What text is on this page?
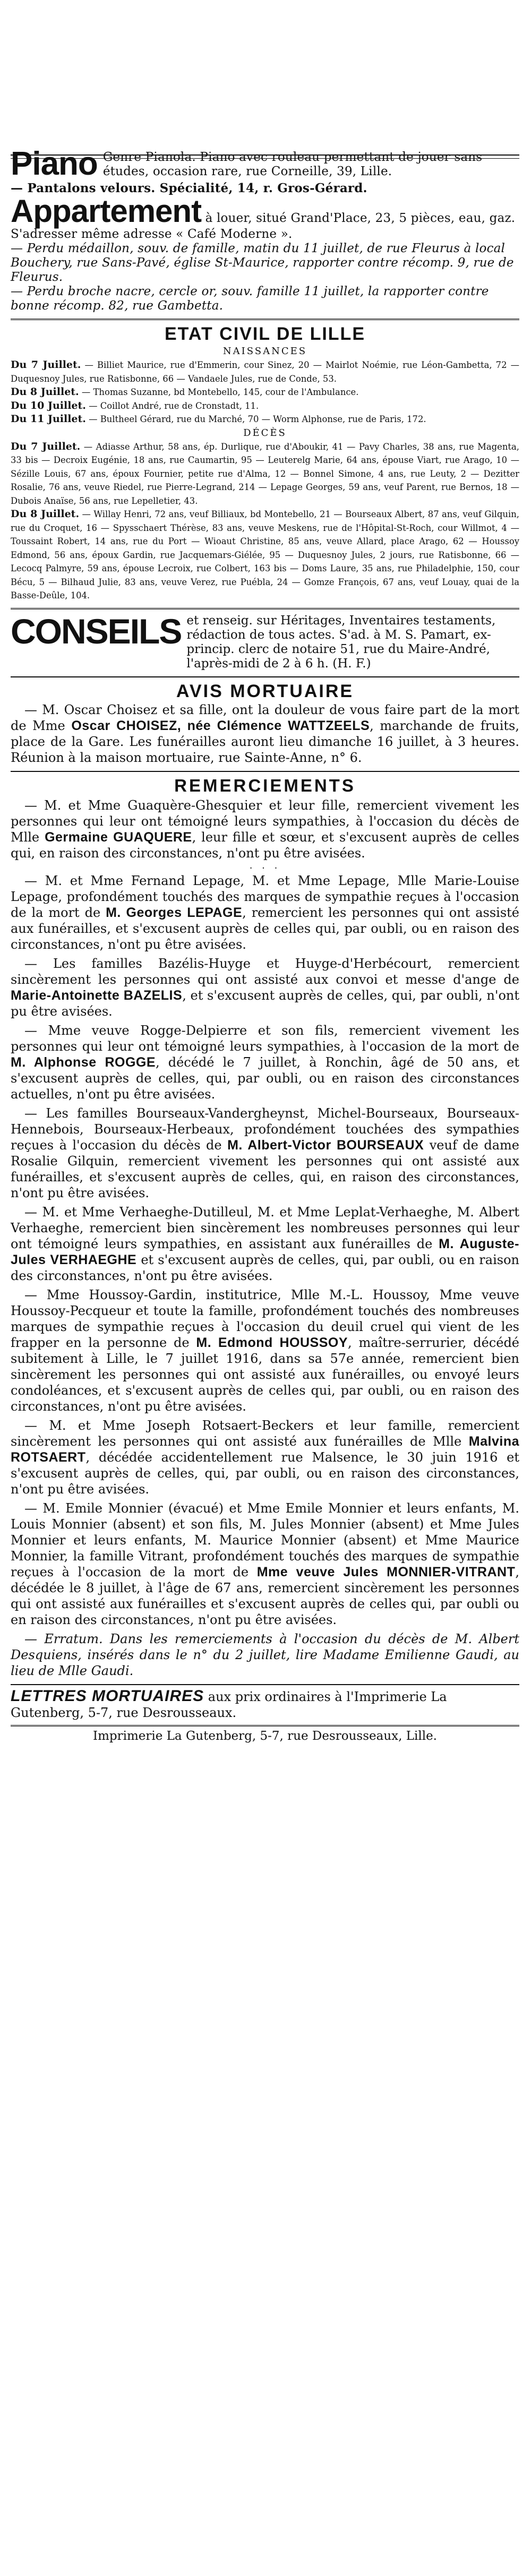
Piano Genre Pianola. Piano avec rouleau permettant de jouer sans études, occasion rare, rue Corneille, 39, Lille.
— Pantalons velours. Spécialité, 14, r. Gros-Gérard.
Appartement à louer, situé Grand'Place, 23, 5 pièces, eau, gaz. S'adresser même adresse « Café Moderne ».
— Perdu médaillon, souv. de famille, matin du 11 juillet, de rue Fleurus à local Bouchery, rue Sans-Pavé, église St-Maurice, rapporter contre récomp. 9, rue de Fleurus.
— Perdu broche nacre, cercle or, souv. famille 11 juillet, la rapporter contre bonne récomp. 82, rue Gambetta.
ETAT CIVIL DE LILLE
NAISSANCES
Du 7 Juillet. — Billiet Maurice, rue d'Emmerin, cour Sinez, 20 — Mairlot Noémie, rue Léon-Gambetta, 72 — Duquesnoy Jules, rue Ratisbonne, 66 — Vandaele Jules, rue de Conde, 53.
Du 8 Juillet. — Thomas Suzanne, bd Montebello, 145, cour de l'Ambulance.
Du 10 Juillet. — Coillot André, rue de Cronstadt, 11.
Du 11 Juillet. — Bultheel Gérard, rue du Marché, 70 — Worm Alphonse, rue de Paris, 172.
DÉCÈS
Du 7 Juillet. — Adiasse Arthur, 58 ans, ép. Durlique, rue d'Aboukir, 41 — Pavy Charles, 38 ans, rue Magenta, 33 bis — Decroix Eugénie, 18 ans, rue Caumartin, 95 — Leuterelg Marie, 64 ans, épouse Viart, rue Arago, 10 — Sézille Louis, 67 ans, époux Fournier, petite rue d'Alma, 12 — Bonnel Simone, 4 ans, rue Leuty, 2 — Dezitter Rosalie, 76 ans, veuve Riedel, rue Pierre-Legrand, 214 — Lepage Georges, 59 ans, veuf Parent, rue Bernos, 18 — Dubois Anaïse, 56 ans, rue Lepelletier, 43.
Du 8 Juillet. — Willay Henri, 72 ans, veuf Billiaux, bd Montebello, 21 — Bourseaux Albert, 87 ans, veuf Gilquin, rue du Croquet, 16 — Spysschaert Thérèse, 83 ans, veuve Meskens, rue de l'Hôpital-St-Roch, cour Willmot, 4 — Toussaint Robert, 14 ans, rue du Port — Wioaut Christine, 85 ans, veuve Allard, place Arago, 62 — Houssoy Edmond, 56 ans, époux Gardin, rue Jacquemars-Giélée, 95 — Duquesnoy Jules, 2 jours, rue Ratisbonne, 66 — Lecocq Palmyre, 59 ans, épouse Lecroix, rue Colbert, 163 bis — Doms Laure, 35 ans, rue Philadelphie, 150, cour Bécu, 5 — Bilhaud Julie, 83 ans, veuve Verez, rue Puébla, 24 — Gomze François, 67 ans, veuf Louay, quai de la Basse-Deûle, 104.
CONSEILS et renseig. sur Héritages, Inventaires testaments, rédaction de tous actes. S'ad. à M. S. Pamart, ex-princip. clerc de notaire 51, rue du Maire-André, l'après-midi de 2 à 6 h. (H. F.)
AVIS MORTUAIRE

— M. Oscar Choisez et sa fille, ont la douleur de vous faire part de la mort de Mme Oscar CHOISEZ, née Clémence WATTZEELS, marchande de fruits, place de la Gare. Les funérailles auront lieu dimanche 16 juillet, à 3 heures. Réunion à la maison mortuaire, rue Sainte-Anne, n° 6.

REMERCIEMENTS

— M. et Mme Guaquère-Ghesquier et leur fille, remercient vivement les personnes qui leur ont témoigné leurs sympathies, à l'occasion du décès de Mlle Germaine GUAQUERE, leur fille et sœur, et s'excusent auprès de celles qui, en raison des circonstances, n'ont pu être avisées.

· · ·

— M. et Mme Fernand Lepage, M. et Mme Lepage, Mlle Marie-Louise Lepage, profondément touchés des marques de sympathie reçues à l'occasion de la mort de M. Georges LEPAGE, remercient les personnes qui ont assisté aux funérailles, et s'excusent auprès de celles qui, par oubli, ou en raison des circonstances, n'ont pu être avisées.

— Les familles Bazélis-Huyge et Huyge-d'Herbécourt, remercient sincèrement les personnes qui ont assisté aux convoi et messe d'ange de Marie-Antoinette BAZELIS, et s'excusent auprès de celles, qui, par oubli, n'ont pu être avisées.

— Mme veuve Rogge-Delpierre et son fils, remercient vivement les personnes qui leur ont témoigné leurs sympathies, à l'occasion de la mort de M. Alphonse ROGGE, décédé le 7 juillet, à Ronchin, âgé de 50 ans, et s'excusent auprès de celles, qui, par oubli, ou en raison des circonstances actuelles, n'ont pu être avisées.

— Les familles Bourseaux-Vandergheynst, Michel-Bourseaux, Bourseaux-Hennebois, Bourseaux-Herbeaux, profondément touchées des sympathies reçues à l'occasion du décès de M. Albert-Victor BOURSEAUX veuf de dame Rosalie Gilquin, remercient vivement les personnes qui ont assisté aux funérailles, et s'excusent auprès de celles, qui, en raison des circonstances, n'ont pu être avisées.

— M. et Mme Verhaeghe-Dutilleul, M. et Mme Leplat-Verhaeghe, M. Albert Verhaeghe, remercient bien sincèrement les nombreuses personnes qui leur ont témoigné leurs sympathies, en assistant aux funérailles de M. Auguste-Jules VERHAEGHE et s'excusent auprès de celles, qui, par oubli, ou en raison des circonstances, n'ont pu être avisées.

— Mme Houssoy-Gardin, institutrice, Mlle M.-L. Houssoy, Mme veuve Houssoy-Pecqueur et toute la famille, profondément touchés des nombreuses marques de sympathie reçues à l'occasion du deuil cruel qui vient de les frapper en la personne de M. Edmond HOUSSOY, maître-serrurier, décédé subitement à Lille, le 7 juillet 1916, dans sa 57e année, remercient bien sincèrement les personnes qui ont assisté aux funérailles, ou envoyé leurs condoléances, et s'excusent auprès de celles qui, par oubli, ou en raison des circonstances, n'ont pu être avisées.

— M. et Mme Joseph Rotsaert-Beckers et leur famille, remercient sincèrement les personnes qui ont assisté aux funérailles de Mlle Malvina ROTSAERT, décédée accidentellement rue Malsence, le 30 juin 1916 et s'excusent auprès de celles, qui, par oubli, ou en raison des circonstances, n'ont pu être avisées.

— M. Emile Monnier (évacué) et Mme Emile Monnier et leurs enfants, M. Louis Monnier (absent) et son fils, M. Jules Monnier (absent) et Mme Jules Monnier et leurs enfants, M. Maurice Monnier (absent) et Mme Maurice Monnier, la famille Vitrant, profondément touchés des marques de sympathie reçues à l'occasion de la mort de Mme veuve Jules MONNIER-VITRANT, décédée le 8 juillet, à l'âge de 67 ans, remercient sincèrement les personnes qui ont assisté aux funérailles et s'excusent auprès de celles qui, par oubli ou en raison des circonstances, n'ont pu être avisées.

— Erratum. Dans les remerciements à l'occasion du décès de M. Albert Desquiens, insérés dans le n° du 2 juillet, lire Madame Emilienne Gaudi, au lieu de Mlle Gaudi.

LETTRES MORTUAIRES aux prix ordinaires à l'Imprimerie La Gutenberg, 5-7, rue Desrousseaux.
Imprimerie La Gutenberg, 5-7, rue Desrousseaux, Lille.
